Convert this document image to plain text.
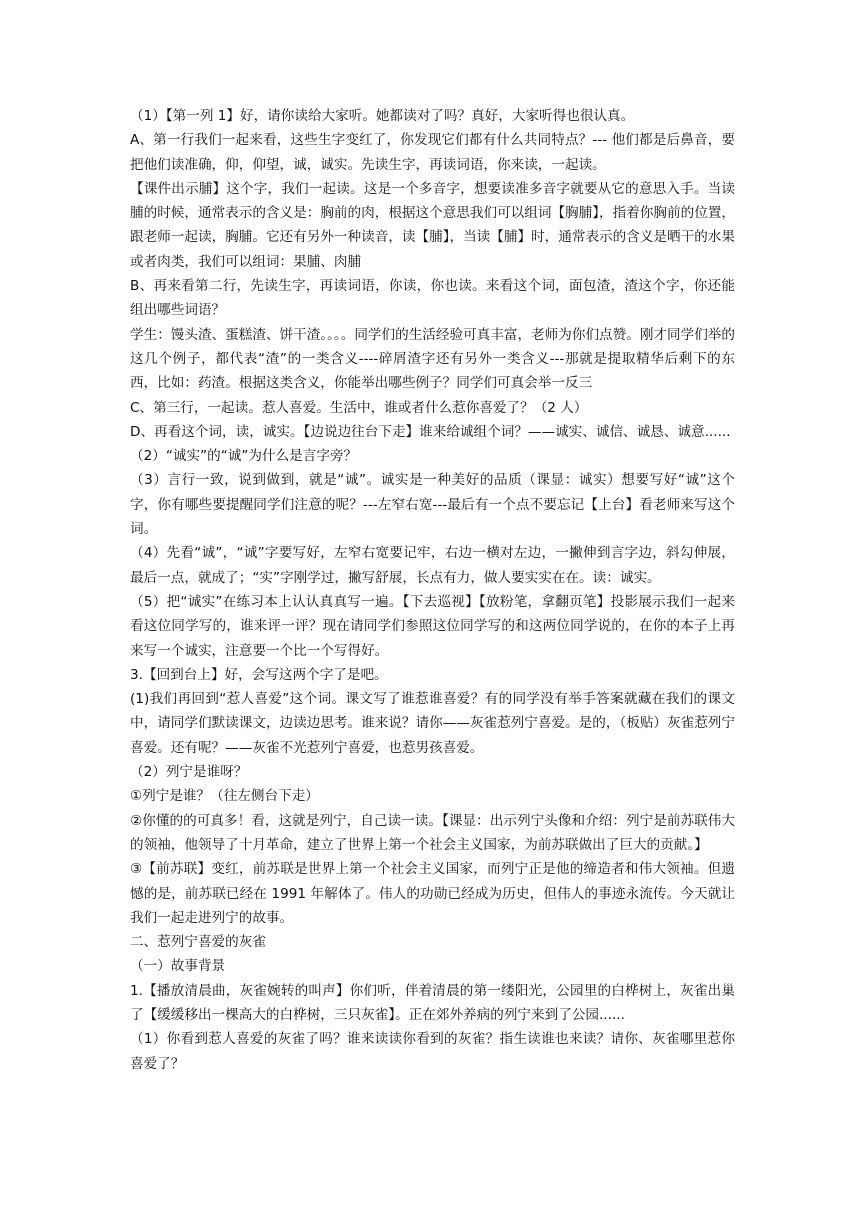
（1）【第一列 1】好，请你读给大家听。她都读对了吗？真好，大家听得也很认真。

A、第一行我们一起来看，这些生字变红了，你发现它们都有什么共同特点？--- 他们都是后鼻音，要把他们读准确，仰，仰望，诚，诚实。先读生字，再读词语，你来读，一起读。

【课件出示脯】这个字，我们一起读。这是一个多音字，想要读准多音字就要从它的意思入手。当读脯的时候，通常表示的含义是：胸前的肉，根据这个意思我们可以组词【胸脯】，指着你胸前的位置，跟老师一起读，胸脯。它还有另外一种读音，读【脯】，当读【脯】时，通常表示的含义是晒干的水果或者肉类，我们可以组词：果脯、肉脯

B、再来看第二行，先读生字，再读词语，你读，你也读。来看这个词，面包渣，渣这个字，你还能组出哪些词语？

学生：馒头渣、蛋糕渣、饼干渣。。。。同学们的生活经验可真丰富，老师为你们点赞。刚才同学们举的这几个例子，都代表“渣”的一类含义----碎屑渣字还有另外一类含义---那就是提取精华后剩下的东西，比如：药渣。根据这类含义，你能举出哪些例子？同学们可真会举一反三

C、第三行，一起读。惹人喜爱。生活中，谁或者什么惹你喜爱了？（2 人）

D、再看这个词，读，诚实。【边说边往台下走】谁来给诚组个词？——诚实、诚信、诚恳、诚意......

（2）“诚实”的“诚”为什么是言字旁？

（3）言行一致，说到做到，就是“诚”。诚实是一种美好的品质（课显：诚实）想要写好“诚”这个字，你有哪些要提醒同学们注意的呢？---左窄右宽---最后有一个点不要忘记【上台】看老师来写这个词。

（4）先看“诚”，“诚”字要写好，左窄右宽要记牢，右边一横对左边，一撇伸到言字边，斜勾伸展，最后一点，就成了；“实”字刚学过，撇写舒展，长点有力，做人要实实在在。读：诚实。

（5）把“诚实”在练习本上认认真真写一遍。【下去巡视】【放粉笔，拿翻页笔】投影展示我们一起来看这位同学写的，谁来评一评？现在请同学们参照这位同学写的和这两位同学说的，在你的本子上再来写一个诚实，注意要一个比一个写得好。

3.【回到台上】好，会写这两个字了是吧。

(1)我们再回到“惹人喜爱”这个词。课文写了谁惹谁喜爱？有的同学没有举手答案就藏在我们的课文中，请同学们默读课文，边读边思考。谁来说？请你——灰雀惹列宁喜爱。是的，（板贴）灰雀惹列宁喜爱。还有呢？——灰雀不光惹列宁喜爱，也惹男孩喜爱。

（2）列宁是谁呀？

①列宁是谁？（往左侧台下走）

②你懂的的可真多！看，这就是列宁，自己读一读。【课显：出示列宁头像和介绍：列宁是前苏联伟大的领袖，他领导了十月革命，建立了世界上第一个社会主义国家，为前苏联做出了巨大的贡献。】

③【前苏联】变红，前苏联是世界上第一个社会主义国家，而列宁正是他的缔造者和伟大领袖。但遗憾的是，前苏联已经在 1991 年解体了。伟人的功勋已经成为历史，但伟人的事迹永流传。今天就让我们一起走进列宁的故事。

二、惹列宁喜爱的灰雀

（一）故事背景

1.【播放清晨曲，灰雀婉转的叫声】你们听，伴着清晨的第一缕阳光，公园里的白桦树上，灰雀出巢了【缓缓移出一棵高大的白桦树，三只灰雀】。正在郊外养病的列宁来到了公园......

（1）你看到惹人喜爱的灰雀了吗？谁来读读你看到的灰雀？指生读谁也来读？请你、灰雀哪里惹你喜爱了？
